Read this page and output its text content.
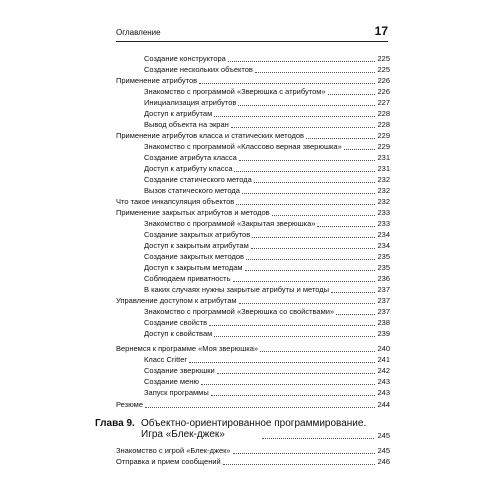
Оглавление	17
Создание конструктора	225
Создание нескольких объектов	225
Применение атрибутов	226
Знакомство с программой «Зверюшка с атрибутом»	226
Инициализация атрибутов	227
Доступ к атрибутам	228
Вывод объекта на экран	228
Применение атрибутов класса и статических методов	229
Знакомство с программой «Классово верная зверюшка»	229
Создание атрибута класса	231
Доступ к атрибуту класса	231
Создание статического метода	232
Вызов статического метода	232
Что такое инкапсуляция объектов	232
Применение закрытых атрибутов и методов	233
Знакомство с программой «Закрытая зверюшка»	233
Создание закрытых атрибутов	234
Доступ к закрытым атрибутам	234
Создание закрытых методов	235
Доступ к закрытым методам	235
Соблюдаем приватность	236
В каких случаях нужны закрытые атрибуты и методы	237
Управление доступом к атрибутам	237
Знакомство с программой «Зверюшка со свойствами»	237
Создание свойств	238
Доступ к свойствам	239
Вернемся к программе «Моя зверюшка»	240
Класс Critter	241
Создание зверюшки	242
Создание меню	243
Запуск программы	243
Резюме	244
Глава 9. Объектно-ориентированное программирование.
Игра «Блек-джек»	245
Знакомство с игрой «Блек-джек»	245
Отправка и прием сообщений	246
